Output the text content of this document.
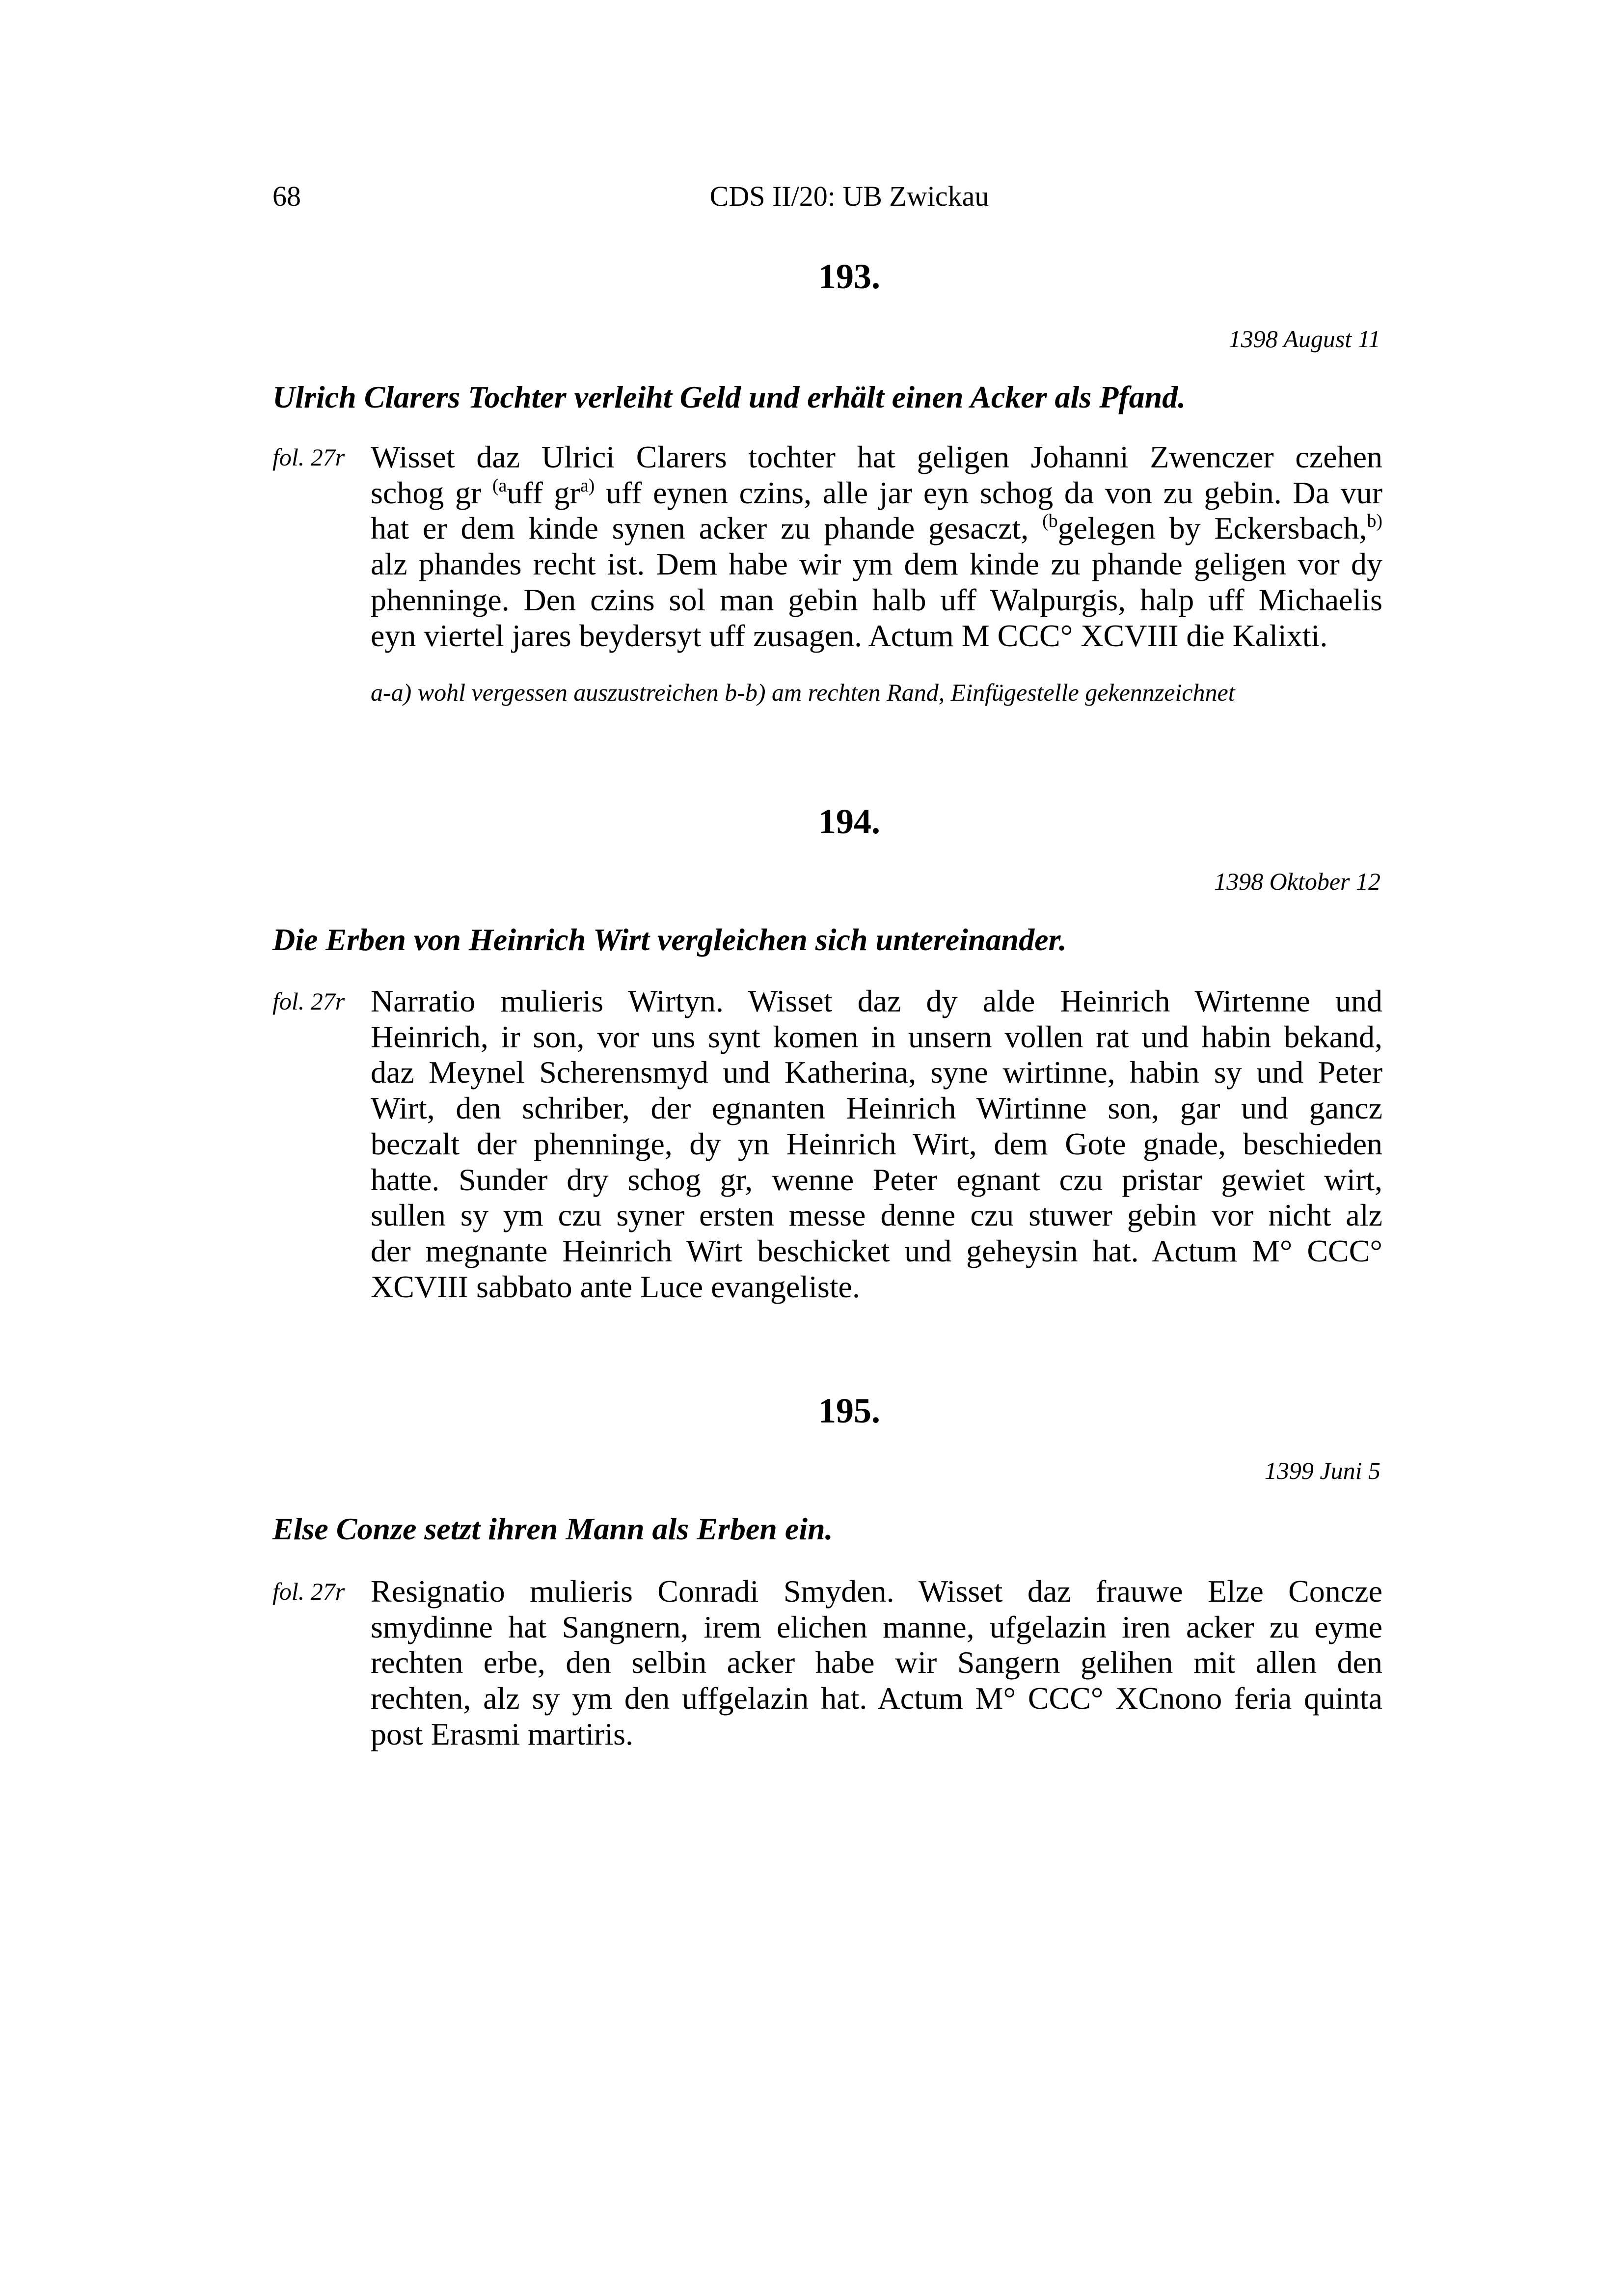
68	CDS II/20: UB Zwickau
193.
1398 August 11
Ulrich Clarers Tochter verleiht Geld und erhält einen Acker als Pfand.
fol. 27r Wisset daz Ulrici Clarers tochter hat geligen Johanni Zwenczer czehen
schog gr $^{(a}$uff $gr^{a)}$ uff eynen czins, alle jar eyn schog da von zu gebin. Da vur
hat er dem kinde synen acker zu phande gesaczt, $^{(b}$gelegen by Eckersbach,$^{b)}$
alz phandes recht ist. Dem habe wir ym dem kinde zu phande geligen vor dy
phenninge. Den czins sol man gebin halb uff Walpurgis, halp uff Michaelis
eyn viertel jares beydersyt uff zusagen. Actum M CCC° XCVIII die Kalixti.
a-a) wohl vergessen auszustreichen b-b) am rechten Rand, Einfügestelle gekennzeichnet
194.
1398 Oktober 12
Die Erben von Heinrich Wirt vergleichen sich untereinander.
fol. 27r Narratio mulieris Wirtyn. Wisset daz dy alde Heinrich Wirtenne und
Heinrich, ir son, vor uns synt komen in unsern vollen rat und habin bekand,
daz Meynel Scherensmyd und Katherina, syne wirtinne, habin sy und Peter
Wirt, den schriber, der egnanten Heinrich Wirtinne son, gar und gancz
beczalt der phenninge, dy yn Heinrich Wirt, dem Gote gnade, beschieden
hatte. Sunder dry schog gr, wenne Peter egnant czu pristar gewiet wirt,
sullen sy ym czu syner ersten messe denne czu stuwer gebin vor nicht alz
der megnante Heinrich Wirt beschicket und geheysin hat. Actum M° CCC°
XCVIII sabbato ante Luce evangeliste.
195.
1399 Juni 5
Else Conze setzt ihren Mann als Erben ein.
fol. 27r Resignatio mulieris Conradi Smyden. Wisset daz frauwe Elze Concze
smydinne hat Sangnern, irem elichen manne, ufgelazin iren acker zu eyme
rechten erbe, den selbin acker habe wir Sangern gelihen mit allen den
rechten, alz sy ym den uffgelazin hat. Actum M° CCC° XCnono feria quinta
post Erasmi martiris.
